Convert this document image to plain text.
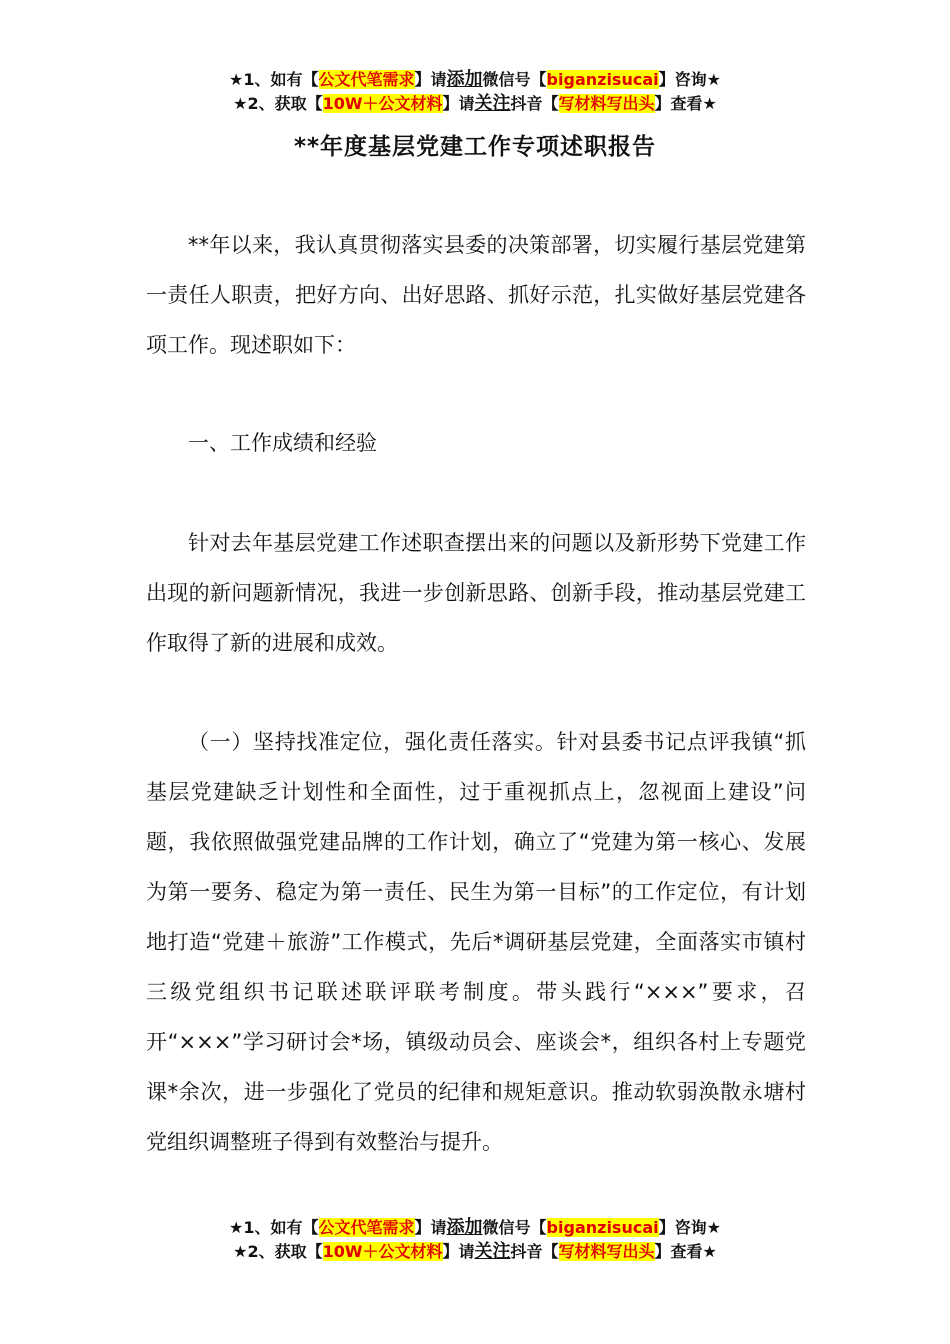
★1、如有【公文代笔需求】请添加微信号【biganzisucai】咨询★
★2、获取【10W＋公文材料】请关注抖音【写材料写出头】查看★
**年度基层党建工作专项述职报告

**年以来，我认真贯彻落实县委的决策部署，切实履行基层党建第一责任人职责，把好方向、出好思路、抓好示范，扎实做好基层党建各项工作。现述职如下：

一、工作成绩和经验

针对去年基层党建工作述职查摆出来的问题以及新形势下党建工作出现的新问题新情况，我进一步创新思路、创新手段，推动基层党建工作取得了新的进展和成效。

（一）坚持找准定位，强化责任落实。针对县委书记点评我镇“抓基层党建缺乏计划性和全面性，过于重视抓点上，忽视面上建设”问题，我依照做强党建品牌的工作计划，确立了“党建为第一核心、发展为第一要务、稳定为第一责任、民生为第一目标”的工作定位，有计划地打造“党建＋旅游”工作模式，先后*调研基层党建，全面落实市镇村三级党组织书记联述联评联考制度。带头践行“×××”要求，召开“×××”学习研讨会*场，镇级动员会、座谈会*，组织各村上专题党课*余次，进一步强化了党员的纪律和规矩意识。推动软弱涣散永塘村党组织调整班子得到有效整治与提升。

★1、如有【公文代笔需求】请添加微信号【biganzisucai】咨询★
★2、获取【10W＋公文材料】请关注抖音【写材料写出头】查看★
